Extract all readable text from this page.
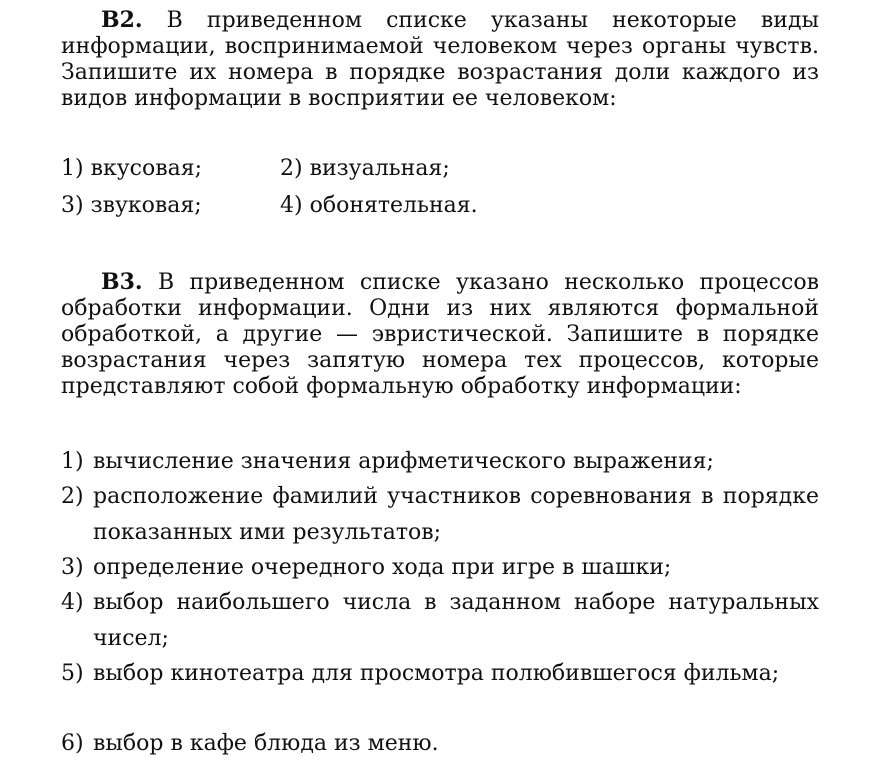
В2. В приведенном списке указаны некоторые виды информации, воспринимаемой человеком через органы чувств. Запишите их номера в порядке возрастания доли каждого из видов информации в восприятии ее человеком:

1) вкусовая;	2) визуальная;
3) звуковая;	4) обонятельная.

В3. В приведенном списке указано несколько процессов обработки информации. Одни из них являются формальной обработкой, а другие — эвристической. Запишите в порядке возрастания через запятую номера тех процессов, которые представляют собой формальную обработку информации:

1) вычисление значения арифметического выражения;
2) расположение фамилий участников соревнования в порядке показанных ими результатов;
3) определение очередного хода при игре в шашки;
4) выбор наибольшего числа в заданном наборе натуральных чисел;
5) выбор кинотеатра для просмотра полюбившегося фильма;
6) выбор в кафе блюда из меню.
